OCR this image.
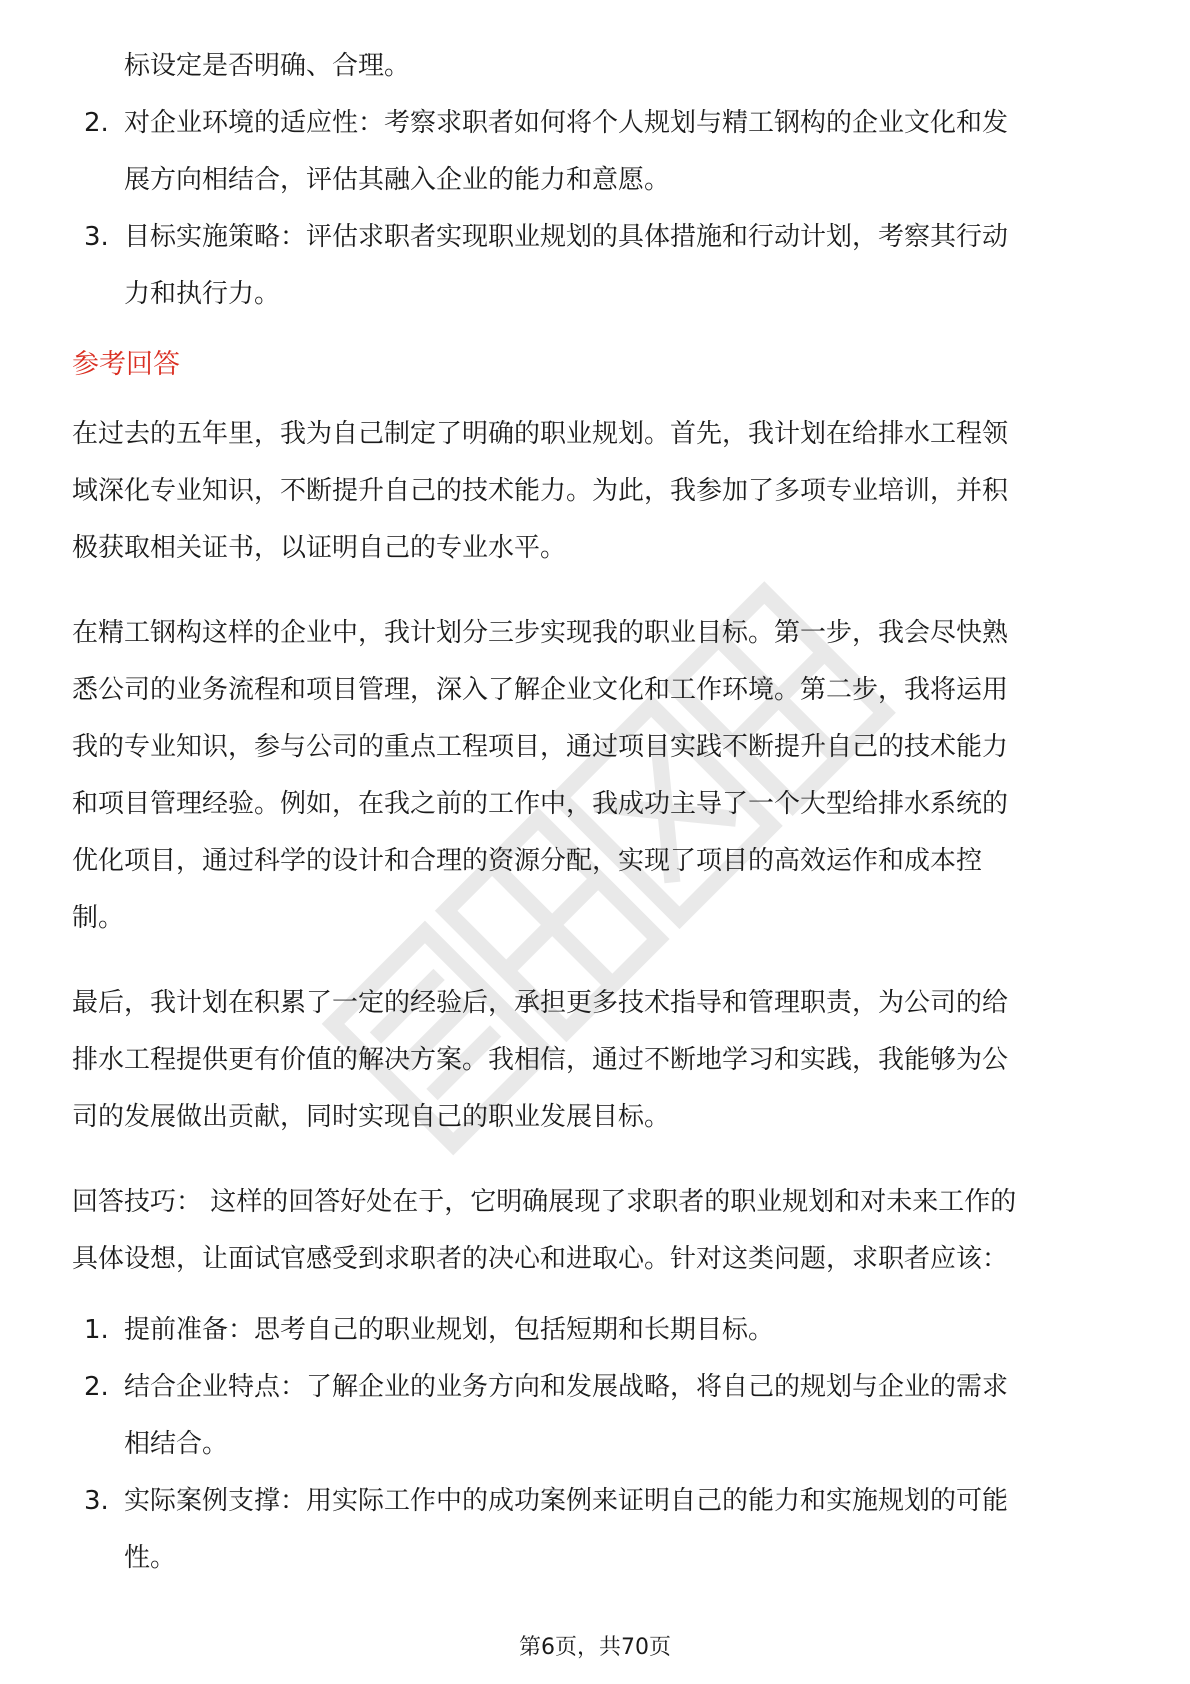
标设定是否明确、合理。

2. 对企业环境的适应性：考察求职者如何将个人规划与精工钢构的企业文化和发

展方向相结合，评估其融入企业的能力和意愿。

3. 目标实施策略：评估求职者实现职业规划的具体措施和行动计划，考察其行动

力和执行力。

参考回答

在过去的五年里，我为自己制定了明确的职业规划。首先，我计划在给排水工程领

域深化专业知识，不断提升自己的技术能力。为此，我参加了多项专业培训，并积

极获取相关证书，以证明自己的专业水平。

在精工钢构这样的企业中，我计划分三步实现我的职业目标。第一步，我会尽快熟

悉公司的业务流程和项目管理，深入了解企业文化和工作环境。第二步，我将运用

我的专业知识，参与公司的重点工程项目，通过项目实践不断提升自己的技术能力

和项目管理经验。例如，在我之前的工作中，我成功主导了一个大型给排水系统的

优化项目，通过科学的设计和合理的资源分配，实现了项目的高效运作和成本控

制。

最后，我计划在积累了一定的经验后，承担更多技术指导和管理职责，为公司的给

排水工程提供更有价值的解决方案。我相信，通过不断地学习和实践，我能够为公

司的发展做出贡献，同时实现自己的职业发展目标。

回答技巧： 这样的回答好处在于，它明确展现了求职者的职业规划和对未来工作的

具体设想，让面试官感受到求职者的决心和进取心。针对这类问题，求职者应该：

1. 提前准备：思考自己的职业规划，包括短期和长期目标。
2. 结合企业特点：了解企业的业务方向和发展战略，将自己的规划与企业的需求

相结合。

3. 实际案例支撑：用实际工作中的成功案例来证明自己的能力和实施规划的可能

性。

第6页，共70页
